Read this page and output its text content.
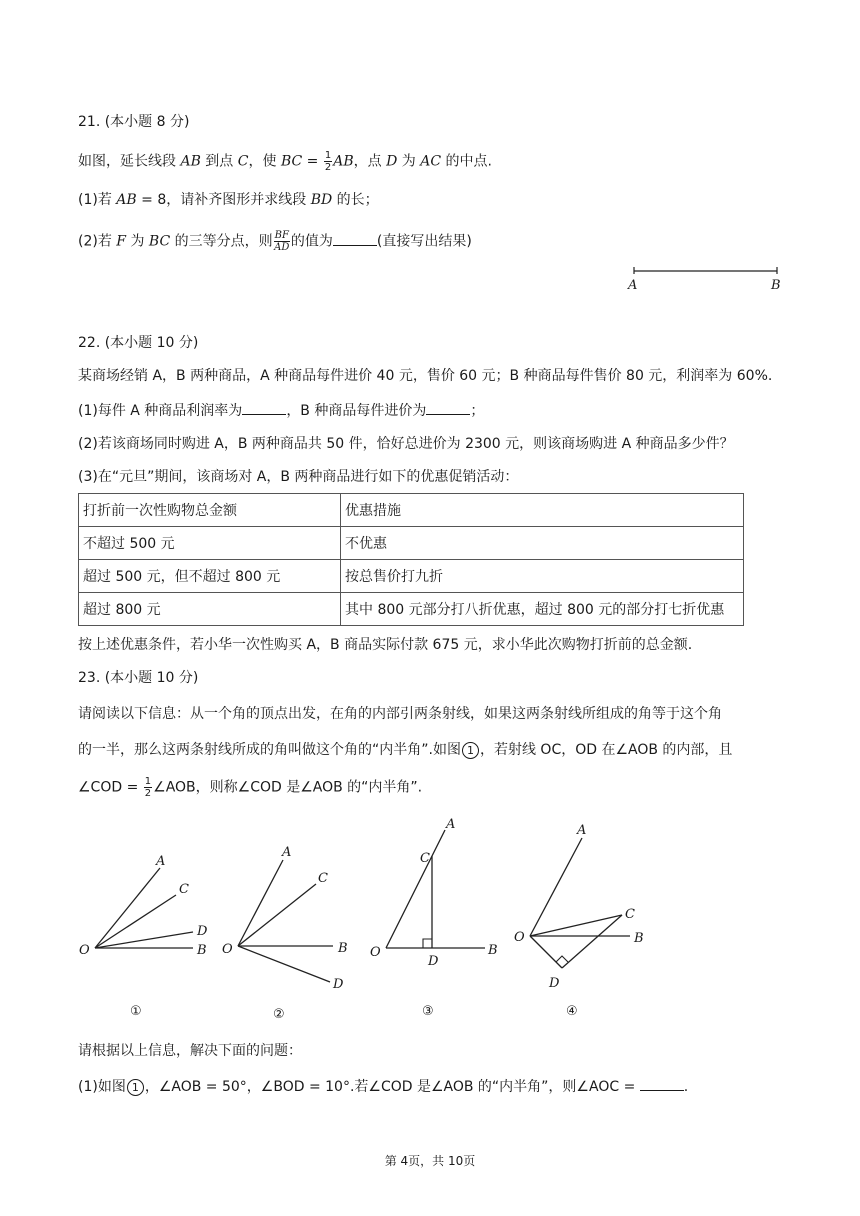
21. (本小题 8 分)
如图，延长线段 AB 到点 C，使 BC = $\frac{1}{2}$ AB，点 D 为 AC 的中点.
(1)若 AB = 8，请补齐图形并求线段 BD 的长；
(2)若 F 为 BC 的三等分点，则 $\frac{BF}{AD}$ 的值为	(直接写出结果)
A	B
22. (本小题 10 分)
某商场经销 A，B 两种商品，A 种商品每件进价 40 元，售价 60 元；B 种商品每件售价 80 元，利润率为 60%.
(1)每件 A 种商品利润率为	，B 种商品每件进价为	；
(2)若该商场同时购进 A，B 两种商品共 50 件，恰好总进价为 2300 元，则该商场购进 A 种商品多少件？
(3)在“元旦”期间，该商场对 A，B 两种商品进行如下的优惠促销活动：
打折前一次性购物总金额	优惠措施
不超过 500 元	不优惠
超过 500 元，但不超过 800 元	按总售价打九折
超过 800 元	其中 800 元部分打八折优惠，超过 800 元的部分打七折优惠
按上述优惠条件，若小华一次性购买 A，B 商品实际付款 675 元，求小华此次购物打折前的总金额.
23. (本小题 10 分)
请阅读以下信息：从一个角的顶点出发，在角的内部引两条射线，如果这两条射线所组成的角等于这个角
的一半，那么这两条射线所成的角叫做这个角的“内半角”.如图 1 ，若射线 OC，OD 在∠AOB 的内部，且
∠COD = $\frac{1}{2}$ ∠AOB，则称∠COD 是∠AOB 的“内半角”.
A
C
D
B
O
①
A
C
B
D
O
②
A
C
B
D
O
③
A
C
B
D
O
④
请根据以上信息，解决下面的问题：
(1)如图 1 ，∠AOB = 50°，∠BOD = 10°.若∠COD 是∠AOB 的“内半角”，则∠AOC =	.
第 4页，共 10页
